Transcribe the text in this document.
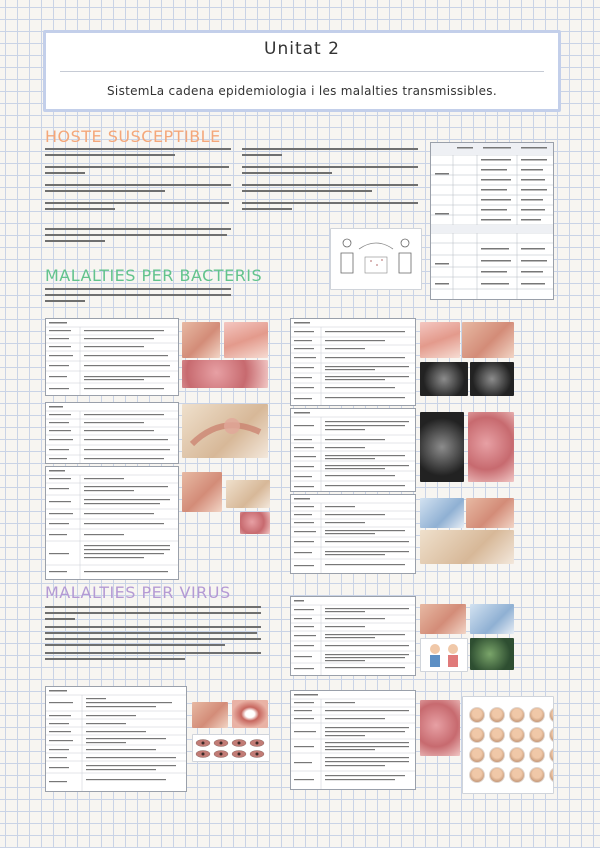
Unitat 2
SistemLa cadena epidemiologia i les malalties transmissibles.
HOSTE SUSCEPTIBLE
MALALTIES PER BACTERIS
MALALTIES PER VIRUS
